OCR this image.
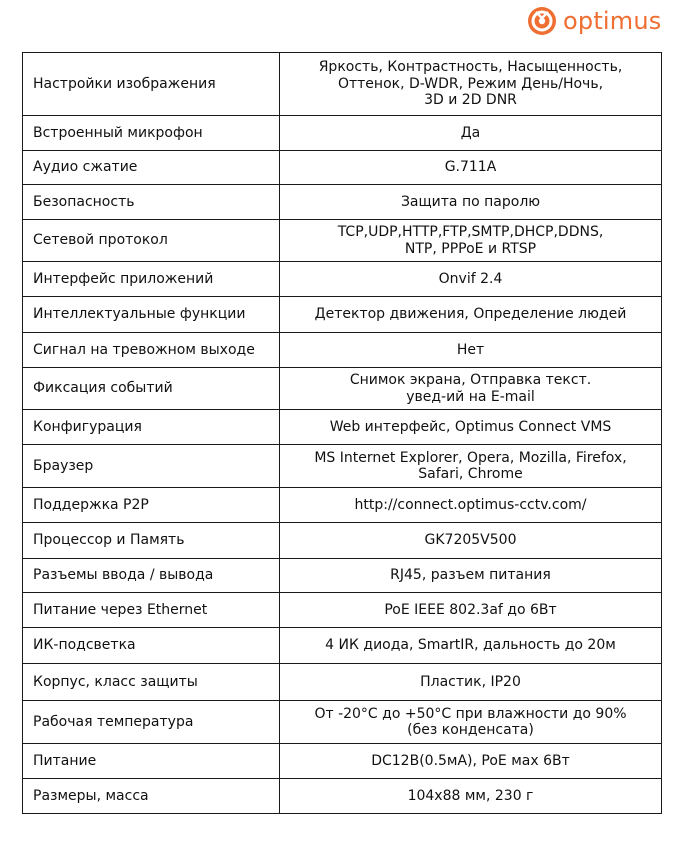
optimus
Настройки изображения	Яркость, Контрастность, Насыщенность,
Оттенок, D-WDR, Режим День/Ночь,
3D и 2D DNR

Встроенный микрофон	Да

Аудио сжатие	G.711A

Безопасность	Защита по паролю

Сетевой протокол	TCP,UDP,HTTP,FTP,SMTP,DHCP,DDNS,
NTP, PPPoE и RTSP

Интерфейс приложений	Onvif 2.4

Интеллектуальные функции	Детектор движения, Определение людей

Сигнал на тревожном выходе	Нет

Фиксация событий	Снимок экрана, Отправка текст.
увед-ий на E-mail

Конфигурация	Web интерфейс, Optimus Connect VMS

Браузер	MS Internet Explorer, Opera, Mozilla, Firefox,
Safari, Chrome

Поддержка P2P	http://connect.optimus-cctv.com/

Процессор и Память	GK7205V500

Разъемы ввода / вывода	RJ45, разъем питания

Питание через Ethernet	PoE IEEE 802.3af до 6Вт

ИК-подсветка	4 ИК диода, SmartIR, дальность до 20м

Корпус, класс защиты	Пластик, IP20

Рабочая температура	От -20°C до +50°C при влажности до 90%
(без конденсата)

Питание	DC12В(0.5мА), PoE мах 6Вт

Размеры, масса	104x88 мм, 230 г
